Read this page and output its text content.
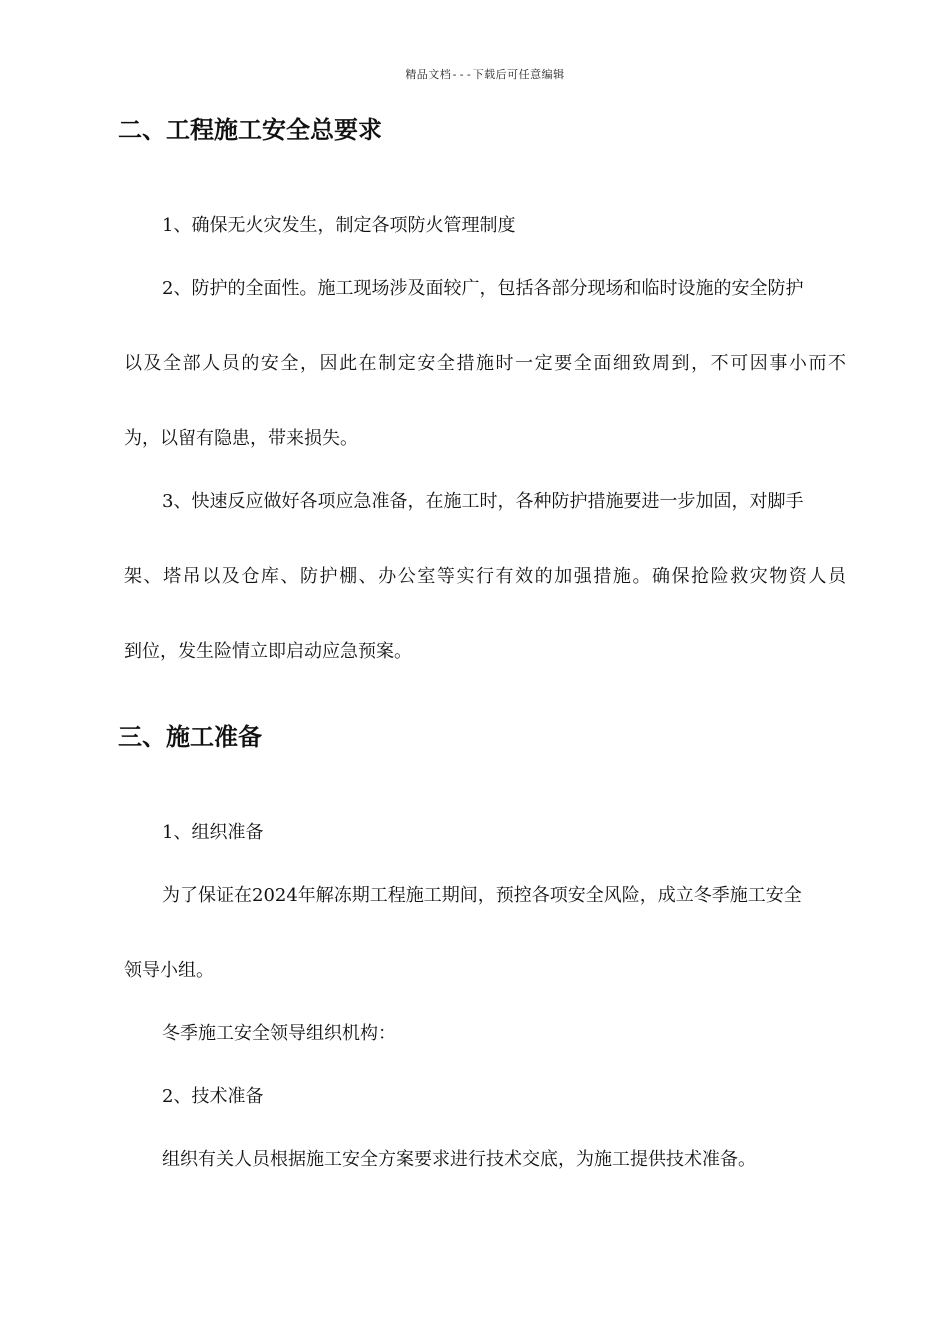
精品文档---下载后可任意编辑
二、工程施工安全总要求
1、确保无火灾发生，制定各项防火管理制度
2、防护的全面性。施工现场涉及面较广，包括各部分现场和临时设施的安全防护
以及全部人员的安全，因此在制定安全措施时一定要全面细致周到，不可因事小而不
为，以留有隐患，带来损失。
3、快速反应做好各项应急准备，在施工时，各种防护措施要进一步加固，对脚手
架、塔吊以及仓库、防护棚、办公室等实行有效的加强措施。确保抢险救灾物资人员
到位，发生险情立即启动应急预案。
三、施工准备
1、组织准备
为了保证在2024年解冻期工程施工期间，预控各项安全风险，成立冬季施工安全
领导小组。
冬季施工安全领导组织机构：
2、技术准备
组织有关人员根据施工安全方案要求进行技术交底，为施工提供技术准备。
